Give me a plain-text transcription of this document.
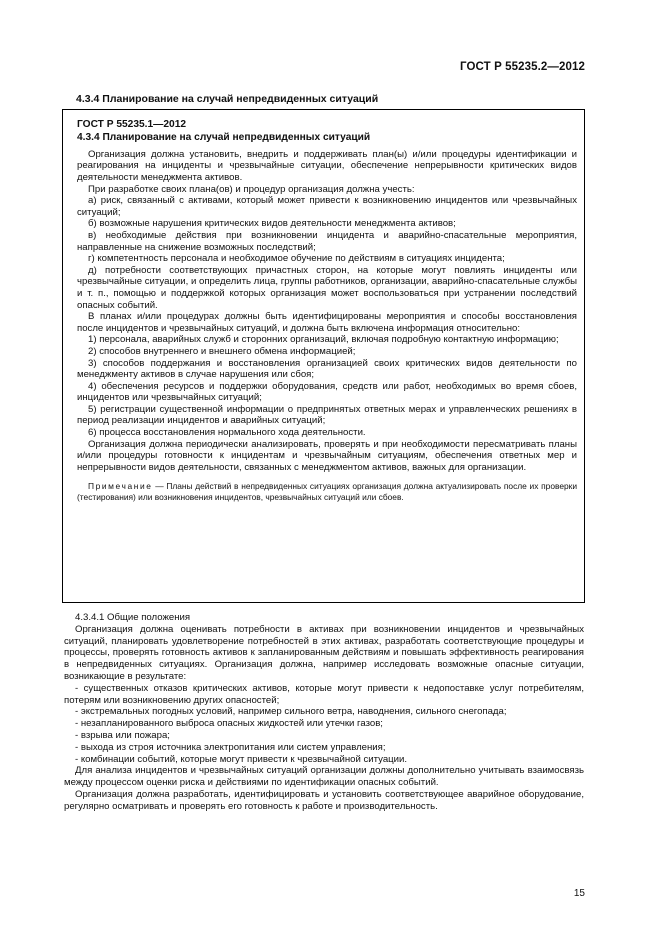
ГОСТ Р 55235.2—2012
4.3.4 Планирование на случай непредвиденных ситуаций
ГОСТ Р 55235.1—2012
4.3.4 Планирование на случай непредвиденных ситуаций

Организация должна установить, внедрить и поддерживать план(ы) и/или процедуры идентификации и реагирования на инциденты и чрезвычайные ситуации, обеспечение непрерывности критических видов деятельности менеджмента активов.

При разработке своих плана(ов) и процедур организация должна учесть:

а) риск, связанный с активами, который может привести к возникновению инцидентов или чрезвычайных ситуаций;

б) возможные нарушения критических видов деятельности менеджмента активов;

в) необходимые действия при возникновении инцидента и аварийно-спасательные мероприятия, направленные на снижение возможных последствий;

г) компетентность персонала и необходимое обучение по действиям в ситуациях инцидента;

д) потребности соответствующих причастных сторон, на которые могут повлиять инциденты или чрезвычайные ситуации, и определить лица, группы работников, организации, аварийно-спасательные службы и т. п., помощью и поддержкой которых организация может воспользоваться при устранении последствий опасных событий.

В планах и/или процедурах должны быть идентифицированы мероприятия и способы восстановления после инцидентов и чрезвычайных ситуаций, и должна быть включена информация относительно:

1) персонала, аварийных служб и сторонних организаций, включая подробную контактную информацию;

2) способов внутреннего и внешнего обмена информацией;

3) способов поддержания и восстановления организацией своих критических видов деятельности по менеджменту активов в случае нарушения или сбоя;

4) обеспечения ресурсов и поддержки оборудования, средств или работ, необходимых во время сбоев, инцидентов или чрезвычайных ситуаций;

5) регистрации существенной информации о предпринятых ответных мерах и управленческих решениях в период реализации инцидентов и аварийных ситуаций;

6) процесса восстановления нормального хода деятельности.

Организация должна периодически анализировать, проверять и при необходимости пересматривать планы и/или процедуры готовности к инцидентам и чрезвычайным ситуациям, обеспечения ответных мер и непрерывности видов деятельности, связанных с менеджментом активов, важных для организации.

Примечание — Планы действий в непредвиденных ситуациях организация должна актуализировать после их проверки (тестирования) или возникновения инцидентов, чрезвычайных ситуаций или сбоев.

4.3.4.1 Общие положения

Организация должна оценивать потребности в активах при возникновении инцидентов и чрезвычайных ситуаций, планировать удовлетворение потребностей в этих активах, разработать соответствующие процедуры и процессы, проверять готовность активов к запланированным действиям и повышать эффективность реагирования в непредвиденных ситуациях. Организация должна, например исследовать возможные опасные ситуации, возникающие в результате:

- существенных отказов критических активов, которые могут привести к недопоставке услуг потребителям, потерям или возникновению других опасностей;

- экстремальных погодных условий, например сильного ветра, наводнения, сильного снегопада;

- незапланированного выброса опасных жидкостей или утечки газов;

- взрыва или пожара;

- выхода из строя источника электропитания или систем управления;

- комбинации событий, которые могут привести к чрезвычайной ситуации.

Для анализа инцидентов и чрезвычайных ситуаций организации должны дополнительно учитывать взаимосвязь между процессом оценки риска и действиями по идентификации опасных событий.

Организация должна разработать, идентифицировать и установить соответствующее аварийное оборудование, регулярно осматривать и проверять его готовность к работе и производительность.

15
